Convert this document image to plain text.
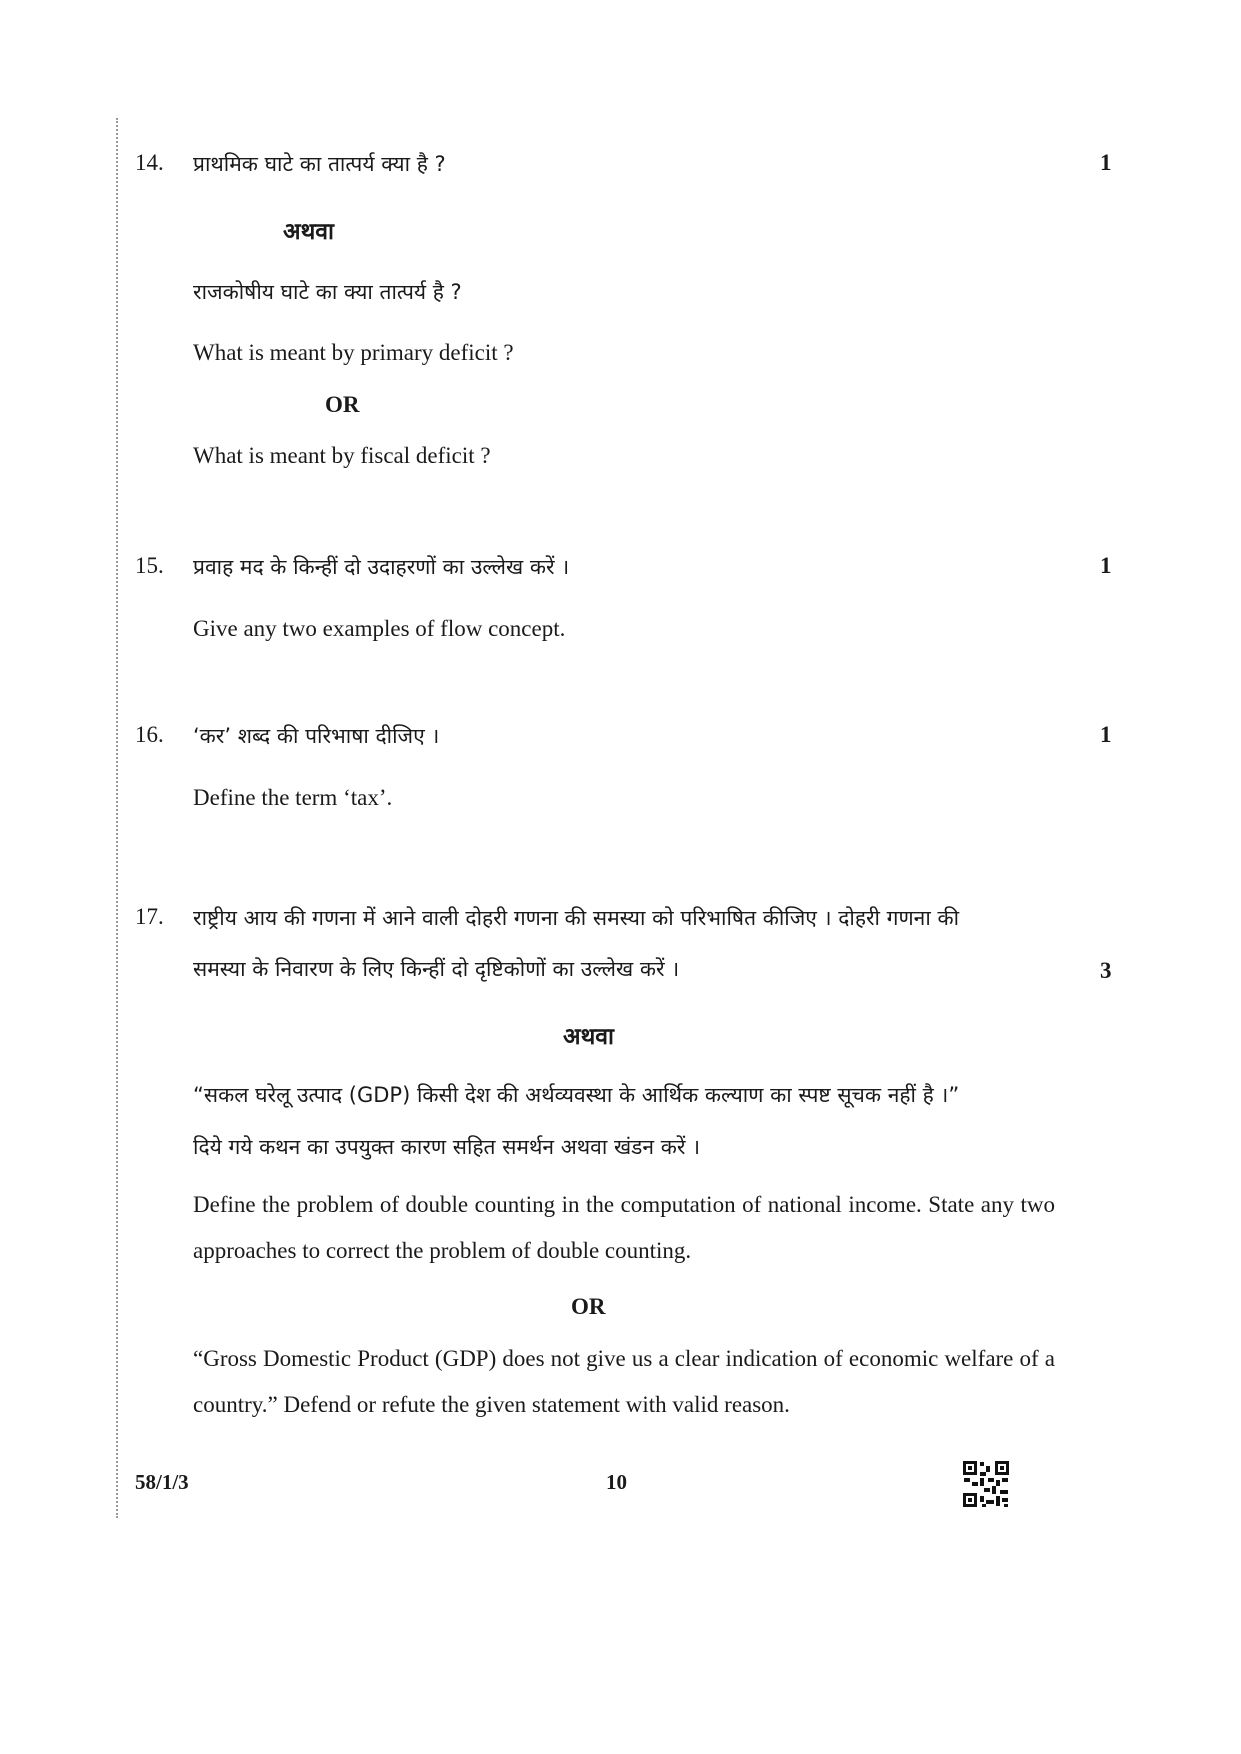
14. प्राथमिक घाटे का तात्पर्य क्या है ?	1
अथवा
राजकोषीय घाटे का क्या तात्पर्य है ?
What is meant by primary deficit ?
OR
What is meant by fiscal deficit ?
15. प्रवाह मद के किन्हीं दो उदाहरणों का उल्लेख करें ।	1
Give any two examples of flow concept.
16. ‘कर’ शब्द की परिभाषा दीजिए ।	1
Define the term ‘tax’.
17. राष्ट्रीय आय की गणना में आने वाली दोहरी गणना की समस्या को परिभाषित कीजिए । दोहरी गणना की
समस्या के निवारण के लिए किन्हीं दो दृष्टिकोणों का उल्लेख करें ।	3
अथवा
“सकल घरेलू उत्पाद (GDP) किसी देश की अर्थव्यवस्था के आर्थिक कल्याण का स्पष्ट सूचक नहीं है ।”
दिये गये कथन का उपयुक्त कारण सहित समर्थन अथवा खंडन करें ।
Define the problem of double counting in the computation of national income. State any two approaches to correct the problem of double counting.
OR
“Gross Domestic Product (GDP) does not give us a clear indication of economic welfare of a country.” Defend or refute the given statement with valid reason.
58/1/3	10
